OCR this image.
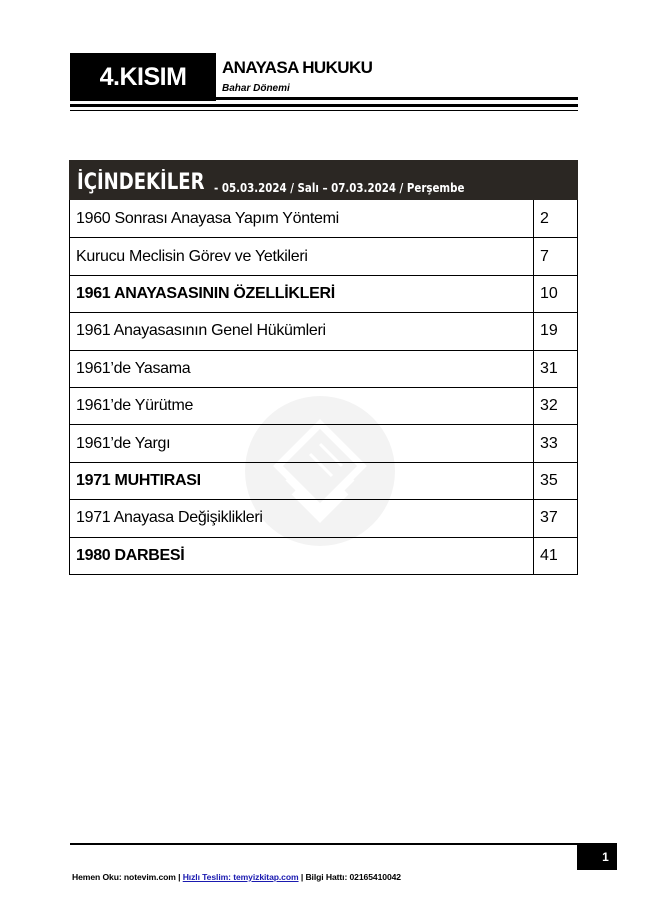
4.KISIM	ANAYASA HUKUKU
Bahar Dönemi
İÇİNDEKİLER - 05.03.2024 / Salı – 07.03.2024 / Perşembe
1960 Sonrası Anayasa Yapım Yöntemi	2
Kurucu Meclisin Görev ve Yetkileri	7
1961 ANAYASASININ ÖZELLİKLERİ	10
1961 Anayasasının Genel Hükümleri	19
1961’de Yasama	31
1961’de Yürütme	32
1961’de Yargı	33
1971 MUHTIRASI	35
1971 Anayasa Değişiklikleri	37
1980 DARBESİ	41
1
Hemen Oku: notevim.com | Hızlı Teslim: temyizkitap.com | Bilgi Hattı: 02165410042
